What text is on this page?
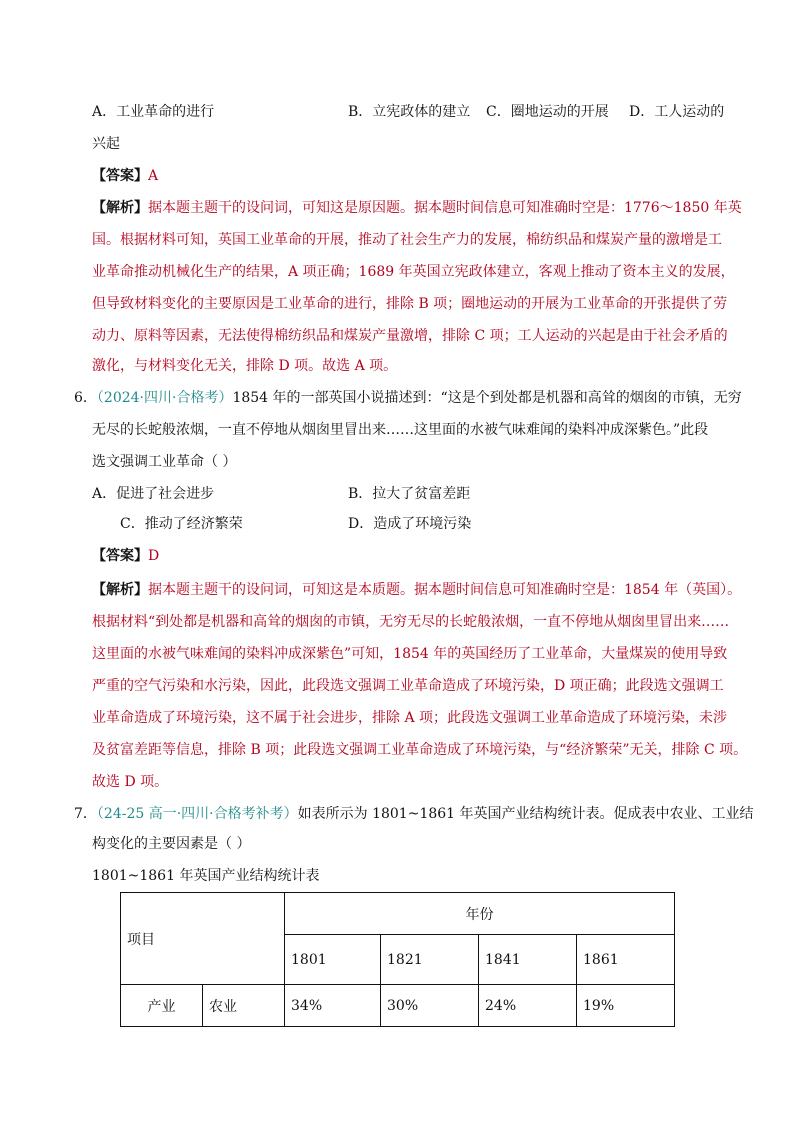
A．工业革命的进行	B．立宪政体的建立 C．圈地运动的开展 D．工人运动的
兴起
【答案】A
【解析】据本题主题干的设问词，可知这是原因题。据本题时间信息可知准确时空是：1776～1850 年英
国。根据材料可知，英国工业革命的开展，推动了社会生产力的发展，棉纺织品和煤炭产量的激增是工
业革命推动机械化生产的结果，A 项正确；1689 年英国立宪政体建立，客观上推动了资本主义的发展，
但导致材料变化的主要原因是工业革命的进行，排除 B 项；圈地运动的开展为工业革命的开张提供了劳
动力、原料等因素，无法使得棉纺织品和煤炭产量激增，排除 C 项；工人运动的兴起是由于社会矛盾的
激化，与材料变化无关，排除 D 项。故选 A 项。
6．（2024·四川·合格考）1854 年的一部英国小说描述到：“这是个到处都是机器和高耸的烟囱的市镇，无穷
无尽的长蛇般浓烟，一直不停地从烟囱里冒出来……这里面的水被气味难闻的染料冲成深紫色。”此段
选文强调工业革命（ ）
A．促进了社会进步	B．拉大了贫富差距
C．推动了经济繁荣	D．造成了环境污染
【答案】D
【解析】据本题主题干的设问词，可知这是本质题。据本题时间信息可知准确时空是：1854 年（英国）。
根据材料“到处都是机器和高耸的烟囱的市镇，无穷无尽的长蛇般浓烟，一直不停地从烟囱里冒出来……
这里面的水被气味难闻的染料冲成深紫色”可知，1854 年的英国经历了工业革命，大量煤炭的使用导致
严重的空气污染和水污染，因此，此段选文强调工业革命造成了环境污染，D 项正确；此段选文强调工
业革命造成了环境污染，这不属于社会进步，排除 A 项；此段选文强调工业革命造成了环境污染，未涉
及贫富差距等信息，排除 B 项；此段选文强调工业革命造成了环境污染，与“经济繁荣”无关，排除 C 项。
故选 D 项。
7．（24-25 高一·四川·合格考补考）如表所示为 1801~1861 年英国产业结构统计表。促成表中农业、工业结
构变化的主要因素是（ ）
1801~1861 年英国产业结构统计表
项目		年份			
		1801	1821	1841	1861
产业	农业	34%	30%	24%	19%
